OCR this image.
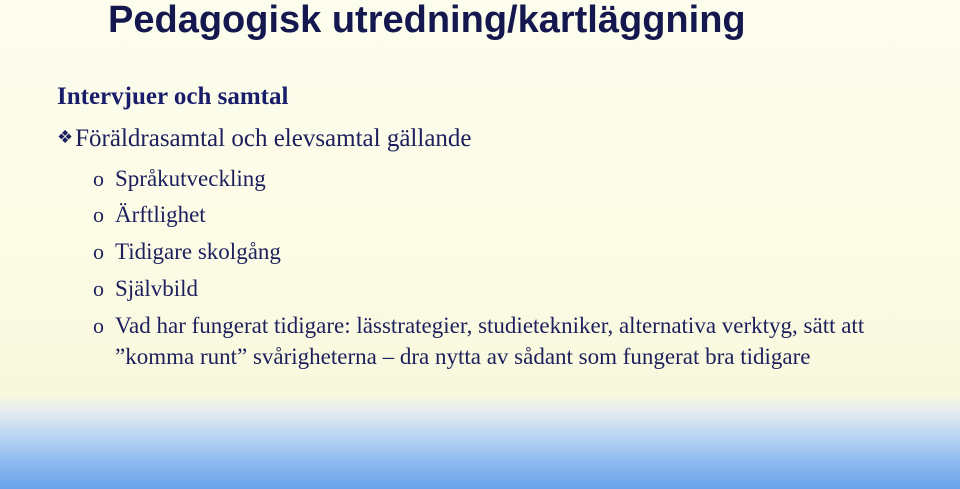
Pedagogisk utredning/kartläggning
Intervjuer och samtal
❖Föräldrasamtal och elevsamtal gällande
o Språkutveckling
o Ärftlighet
o Tidigare skolgång
o Självbild
o Vad har fungerat tidigare: lässtrategier, studietekniker, alternativa verktyg, sätt att ”komma runt” svårigheterna – dra nytta av sådant som fungerat bra tidigare
